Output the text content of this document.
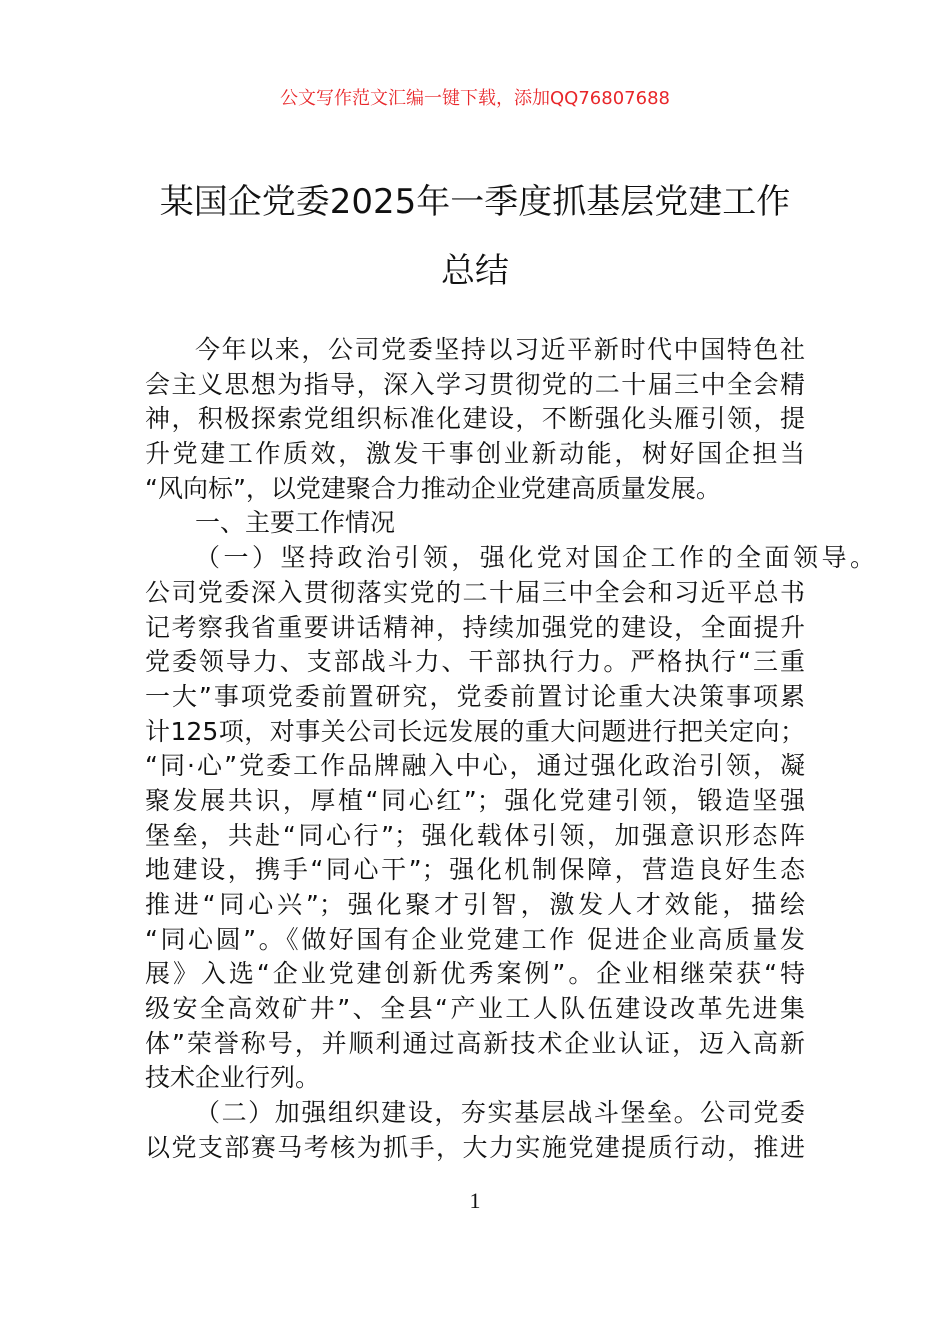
公文写作范文汇编一键下载，添加QQ76807688
某国企党委2025年一季度抓基层党建工作
总结
今年以来，公司党委坚持以习近平新时代中国特色社
会主义思想为指导，深入学习贯彻党的二十届三中全会精
神，积极探索党组织标准化建设，不断强化头雁引领，提
升党建工作质效，激发干事创业新动能，树好国企担当
“风向标”，以党建聚合力推动企业党建高质量发展。
一、主要工作情况
（一）坚持政治引领，强化党对国企工作的全面领导。
公司党委深入贯彻落实党的二十届三中全会和习近平总书
记考察我省重要讲话精神，持续加强党的建设，全面提升
党委领导力、支部战斗力、干部执行力。严格执行“三重
一大”事项党委前置研究，党委前置讨论重大决策事项累
计125项，对事关公司长远发展的重大问题进行把关定向；
“同·心”党委工作品牌融入中心，通过强化政治引领，凝
聚发展共识，厚植“同心红”；强化党建引领，锻造坚强
堡垒，共赴“同心行”；强化载体引领，加强意识形态阵
地建设，携手“同心干”；强化机制保障，营造良好生态
推进“同心兴”；强化聚才引智，激发人才效能，描绘
“同心圆”。《做好国有企业党建工作 促进企业高质量发
展》入选“企业党建创新优秀案例”。企业相继荣获“特
级安全高效矿井”、全县“产业工人队伍建设改革先进集
体”荣誉称号，并顺利通过高新技术企业认证，迈入高新
技术企业行列。
（二）加强组织建设，夯实基层战斗堡垒。公司党委
以党支部赛马考核为抓手，大力实施党建提质行动，推进
1
